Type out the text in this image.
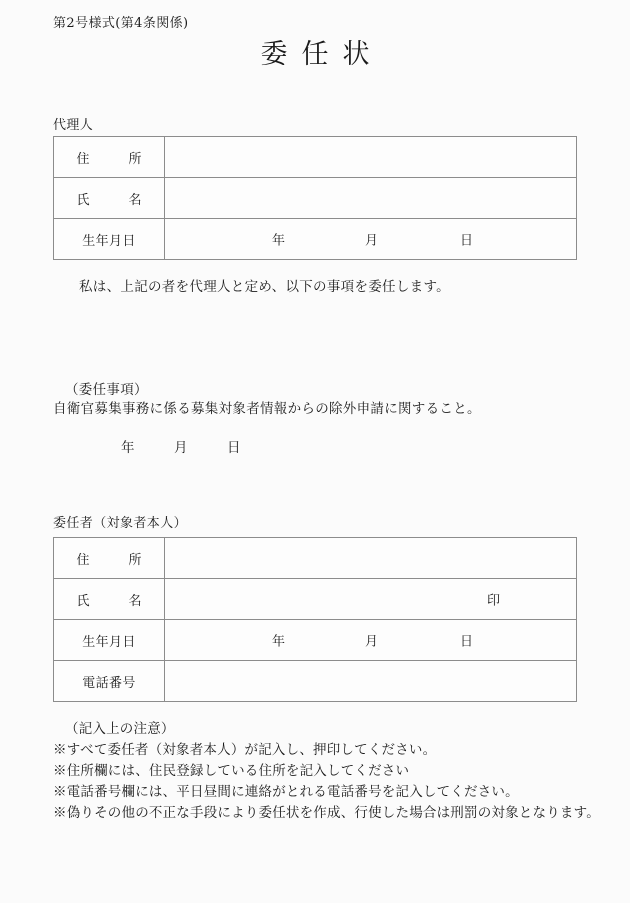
第2号様式(第4条関係)
委任状
代理人
住　所	
氏　名	
生年月日	年 月 日
私は、上記の者を代理人と定め、以下の事項を委任します。
（委任事項）
自衛官募集事務に係る募集対象者情報からの除外申請に関すること。
年	月	日
委任者（対象者本人）
住　所	
氏　名	印

生年月日	年 月 日

電話番号	
（記入上の注意）
※すべて委任者（対象者本人）が記入し、押印してください。
※住所欄には、住民登録している住所を記入してください
※電話番号欄には、平日昼間に連絡がとれる電話番号を記入してください。
※偽りその他の不正な手段により委任状を作成、行使した場合は刑罰の対象となります。
